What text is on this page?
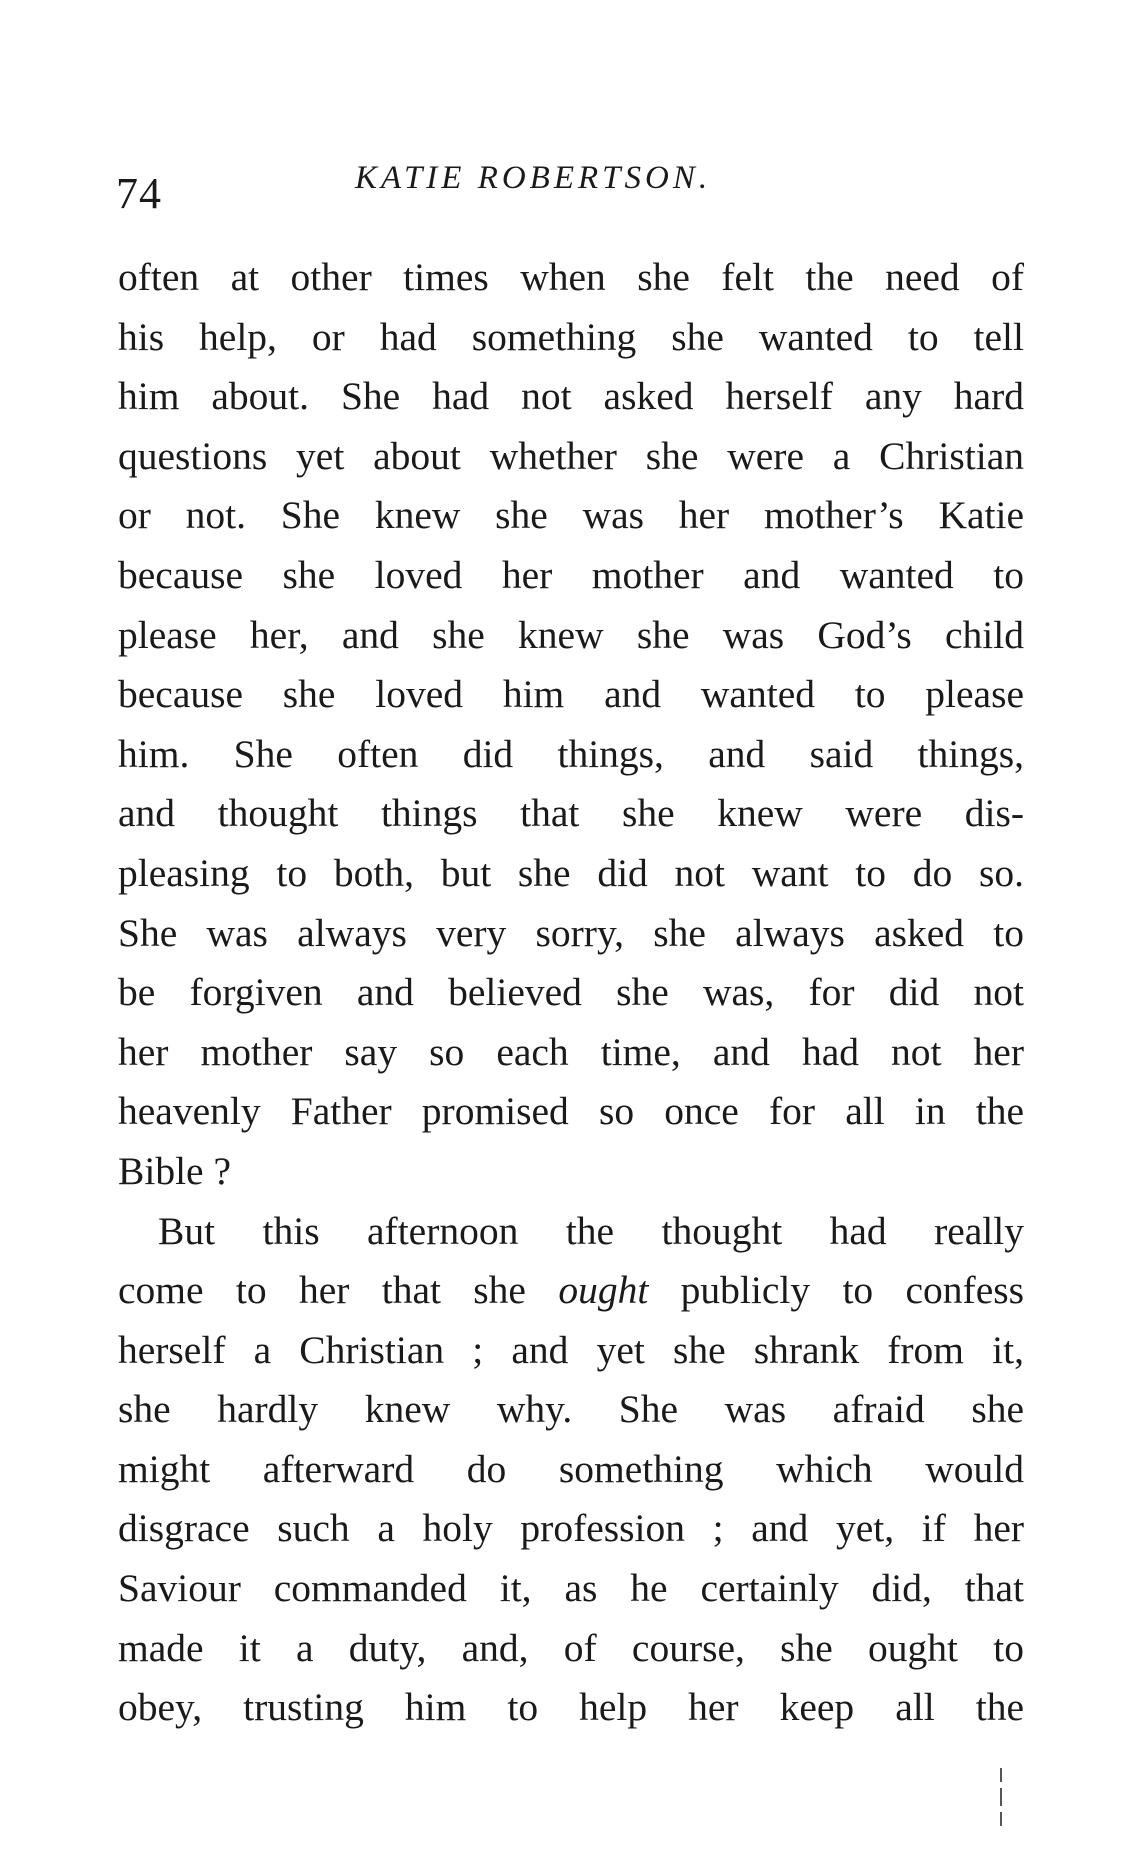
74	KATIE ROBERTSON.
often at other times when she felt the need of
his help, or had something she wanted to tell
him about. She had not asked herself any hard
questions yet about whether she were a Christian
or not. She knew she was her mother’s Katie
because she loved her mother and wanted to
please her, and she knew she was God’s child
because she loved him and wanted to please
him. She often did things, and said things,
and thought things that she knew were dis-
pleasing to both, but she did not want to do so.
She was always very sorry, she always asked to
be forgiven and believed she was, for did not
her mother say so each time, and had not her
heavenly Father promised so once for all in the
Bible ?
But this afternoon the thought had really
come to her that she ought publicly to confess
herself a Christian ; and yet she shrank from it,
she hardly knew why. She was afraid she
might afterward do something which would
disgrace such a holy profession ; and yet, if her
Saviour commanded it, as he certainly did, that
made it a duty, and, of course, she ought to
obey, trusting him to help her keep all the
